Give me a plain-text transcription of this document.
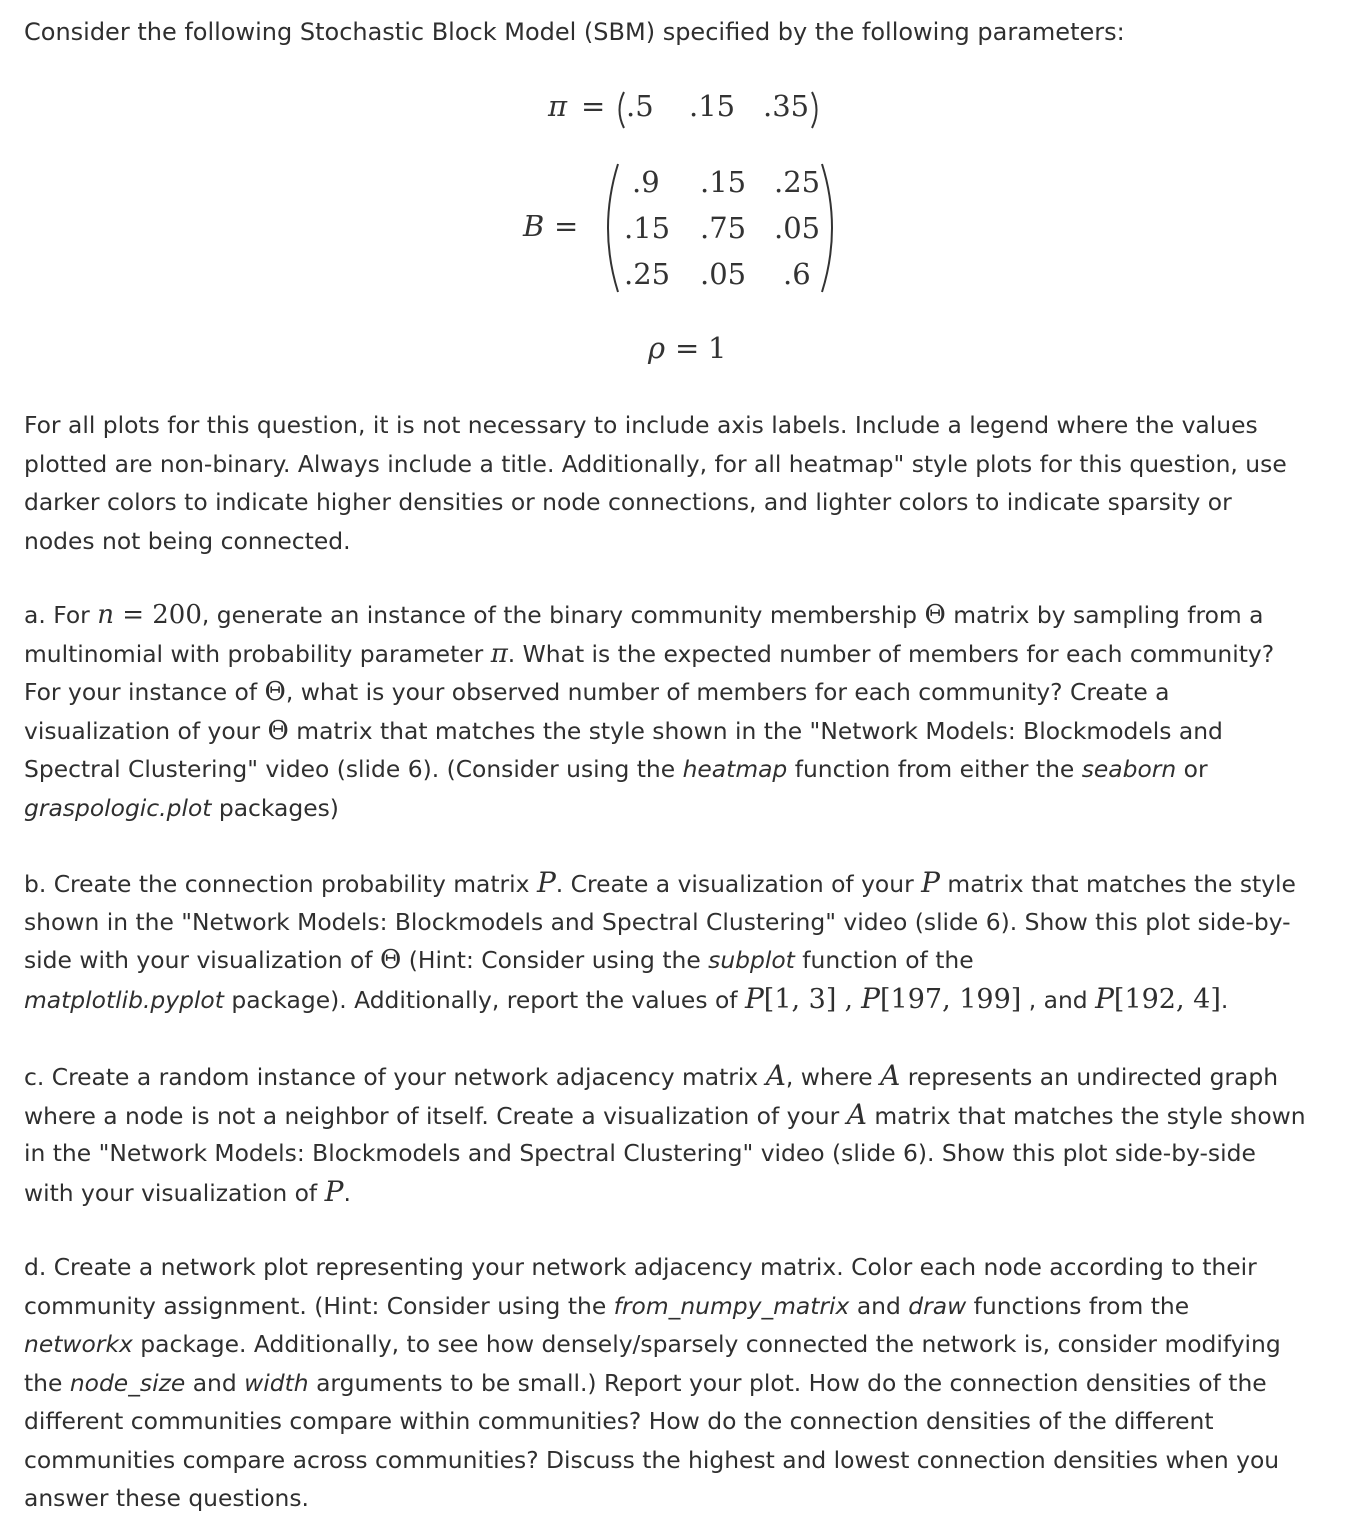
Consider the following Stochastic Block Model (SBM) specified by the following parameters:
π = .5 .15 .35
B =
.9 .15 .25
.15 .75 .05
.25 .05 .6
ρ = 1
For all plots for this question, it is not necessary to include axis labels. Include a legend where the values
plotted are non-binary. Always include a title. Additionally, for all heatmap" style plots for this question, use
darker colors to indicate higher densities or node connections, and lighter colors to indicate sparsity or
nodes not being connected.
a. For n = 200, generate an instance of the binary community membership Θ matrix by sampling from a
multinomial with probability parameter π. What is the expected number of members for each community?
For your instance of Θ, what is your observed number of members for each community? Create a
visualization of your Θ matrix that matches the style shown in the "Network Models: Blockmodels and
Spectral Clustering" video (slide 6). (Consider using the heatmap function from either the seaborn or
graspologic.plot packages)
b. Create the connection probability matrix P. Create a visualization of your P matrix that matches the style
shown in the "Network Models: Blockmodels and Spectral Clustering" video (slide 6). Show this plot side-by-
side with your visualization of Θ (Hint: Consider using the subplot function of the
matplotlib.pyplot package). Additionally, report the values of P[1, 3] , P[197, 199] , and P[192, 4].
c. Create a random instance of your network adjacency matrix A, where A represents an undirected graph
where a node is not a neighbor of itself. Create a visualization of your A matrix that matches the style shown
in the "Network Models: Blockmodels and Spectral Clustering" video (slide 6). Show this plot side-by-side
with your visualization of P.
d. Create a network plot representing your network adjacency matrix. Color each node according to their
community assignment. (Hint: Consider using the from_numpy_matrix and draw functions from the
networkx package. Additionally, to see how densely/sparsely connected the network is, consider modifying
the node_size and width arguments to be small.) Report your plot. How do the connection densities of the
different communities compare within communities? How do the connection densities of the different
communities compare across communities? Discuss the highest and lowest connection densities when you
answer these questions.
